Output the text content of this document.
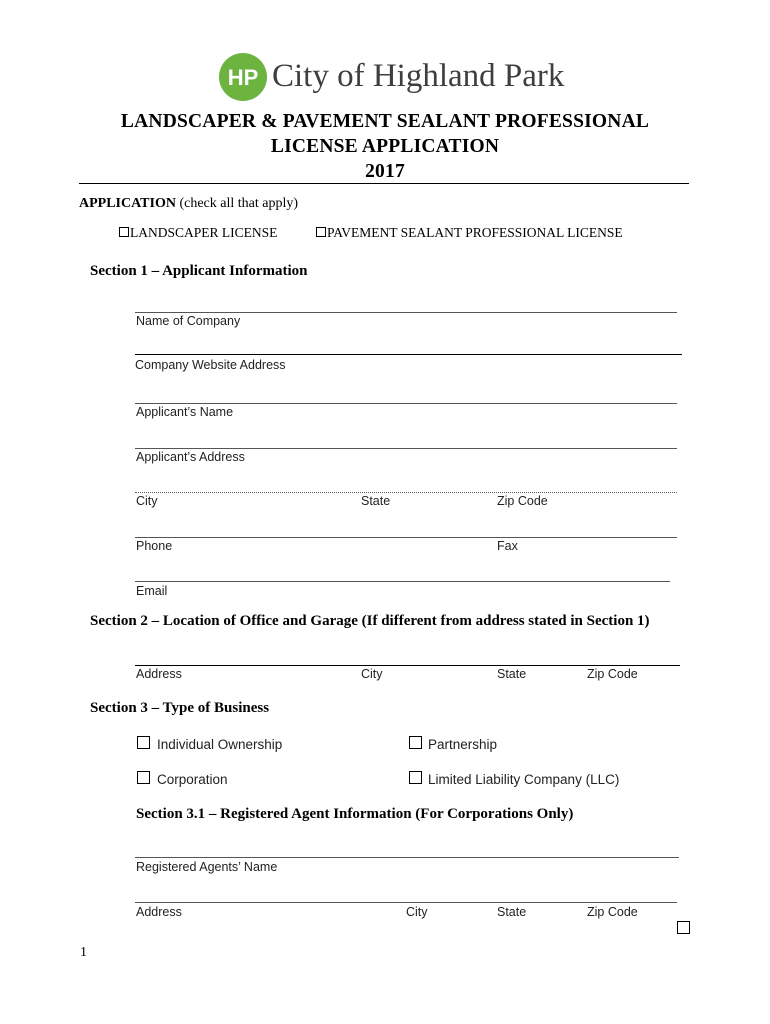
HP City of Highland Park
LANDSCAPER & PAVEMENT SEALANT PROFESSIONAL
LICENSE APPLICATION
2017
APPLICATION (check all that apply)
LANDSCAPER LICENSE	PAVEMENT SEALANT PROFESSIONAL LICENSE
Section 1 – Applicant Information
Name of Company
Company Website Address
Applicant’s Name
Applicant’s Address
City	State	Zip Code
Phone	Fax
Email
Section 2 – Location of Office and Garage (If different from address stated in Section 1)
Address	City	State	Zip Code
Section 3 – Type of Business
Individual Ownership	Partnership
Corporation	Limited Liability Company (LLC)
Section 3.1 – Registered Agent Information (For Corporations Only)
Registered Agents’ Name
Address	City	State	Zip Code
1
